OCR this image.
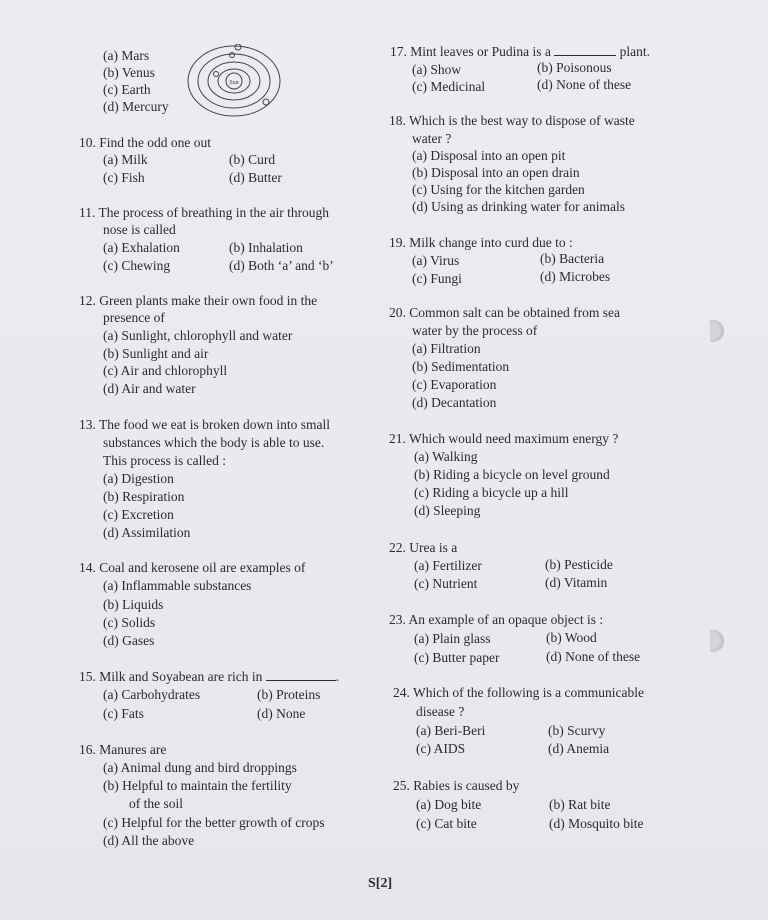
(a) Mars
(b) Venus
(c) Earth
(d) Mercury
Sun
10. Find the odd one out
(a) Milk	(b) Curd
(c) Fish	(d) Butter
11. The process of breathing in the air through
nose is called
(a) Exhalation	(b) Inhalation
(c) Chewing	(d) Both ‘a’ and ‘b’
12. Green plants make their own food in the
presence of
(a) Sunlight, chlorophyll and water
(b) Sunlight and air
(c) Air and chlorophyll
(d) Air and water
13. The food we eat is broken down into small
substances which the body is able to use.
This process is called :
(a) Digestion
(b) Respiration
(c) Excretion
(d) Assimilation
14. Coal and kerosene oil are examples of
(a) Inflammable substances
(b) Liquids
(c) Solids
(d) Gases
15. Milk and Soyabean are rich in	.
(a) Carbohydrates	(b) Proteins
(c) Fats	(d) None
16. Manures are
(a) Animal dung and bird droppings
(b) Helpful to maintain the fertility
of the soil
(c) Helpful for the better growth of crops
(d) All the above
17. Mint leaves or Pudina is a	plant.
(a) Show	(b) Poisonous
(c) Medicinal	(d) None of these
18. Which is the best way to dispose of waste
water ?
(a) Disposal into an open pit
(b) Disposal into an open drain
(c) Using for the kitchen garden
(d) Using as drinking water for animals
19. Milk change into curd due to :
(a) Virus	(b) Bacteria
(c) Fungi	(d) Microbes
20. Common salt can be obtained from sea
water by the process of
(a) Filtration
(b) Sedimentation
(c) Evaporation
(d) Decantation
21. Which would need maximum energy ?
(a) Walking
(b) Riding a bicycle on level ground
(c) Riding a bicycle up a hill
(d) Sleeping
22. Urea is a
(a) Fertilizer	(b) Pesticide
(c) Nutrient	(d) Vitamin
23. An example of an opaque object is :
(a) Plain glass	(b) Wood
(c) Butter paper	(d) None of these
24. Which of the following is a communicable
disease ?
(a) Beri-Beri	(b) Scurvy
(c) AIDS	(d) Anemia
25. Rabies is caused by
(a) Dog bite	(b) Rat bite
(c) Cat bite	(d) Mosquito bite
S[2]
